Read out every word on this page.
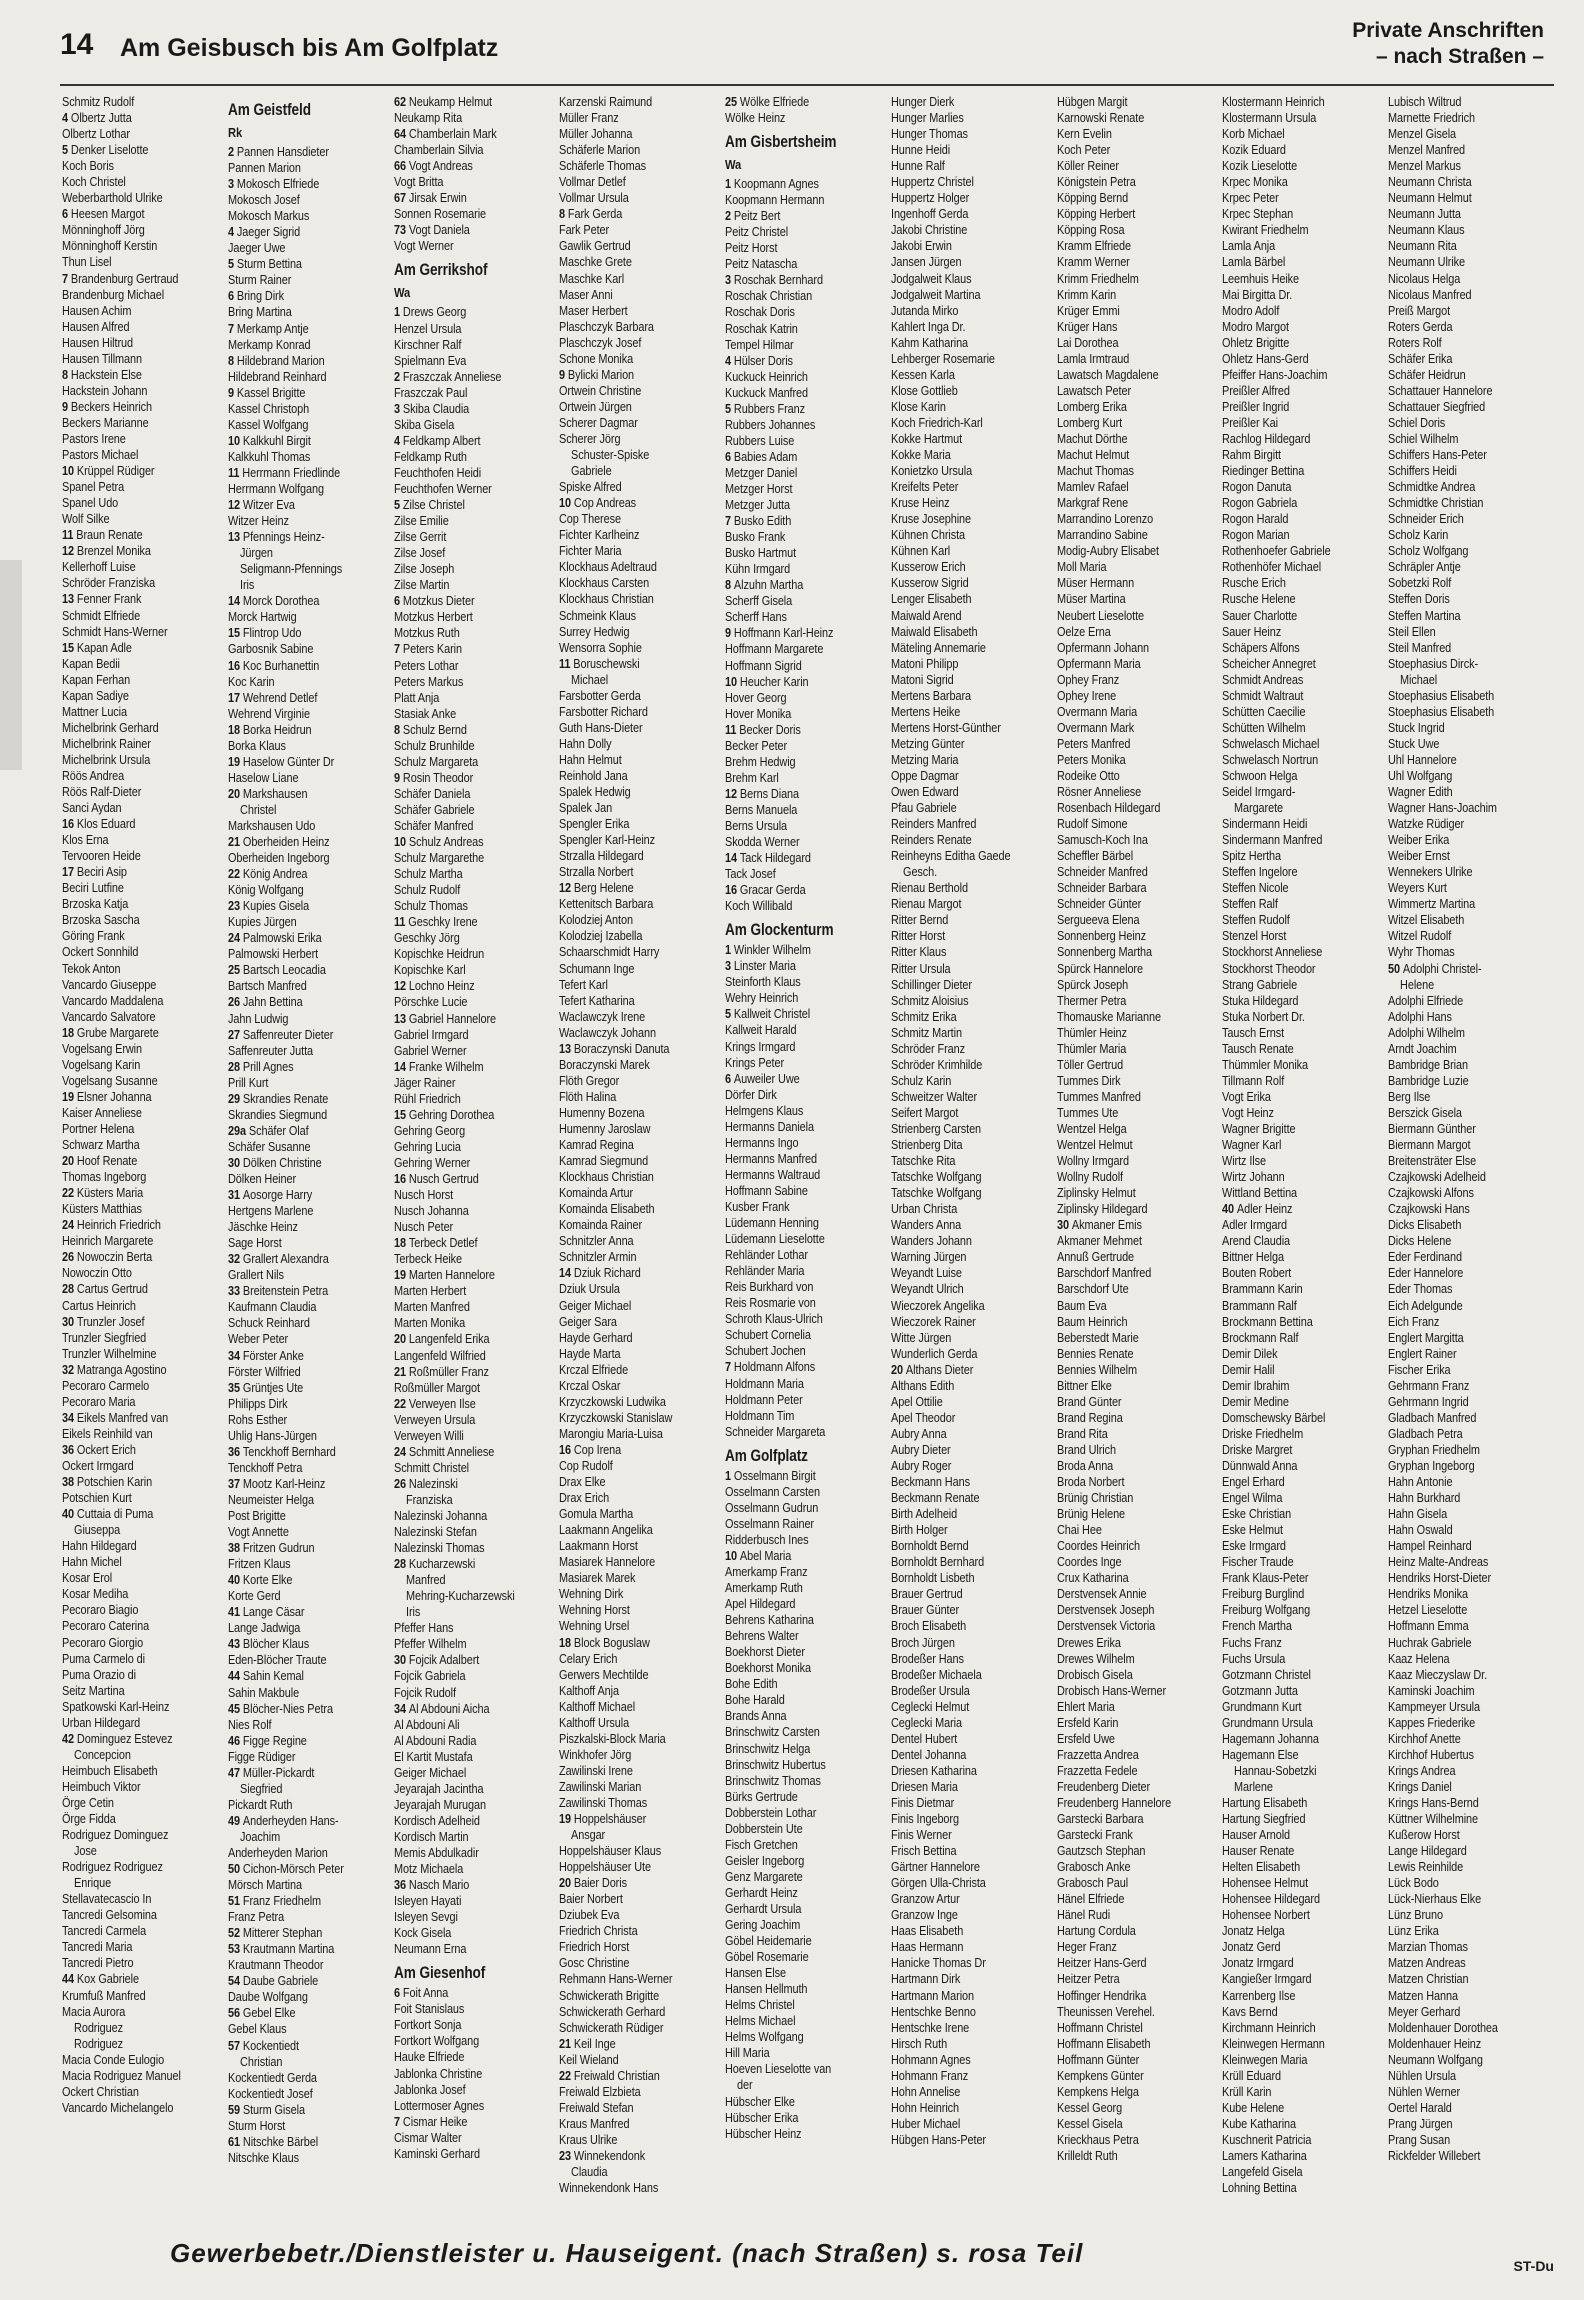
14 Am Geisbusch bis Am Golfplatz
Private Anschriften
– nach Straßen –
Schmitz Rudolf
4 Olbertz Jutta
Olbertz Lothar
5 Denker Liselotte
Koch Boris
Koch Christel
Weberbarthold Ulrike
6 Heesen Margot
Mönninghoff Jörg
Mönninghoff Kerstin
Thun Lisel
7 Brandenburg Gertraud
Brandenburg Michael
Hausen Achim
Hausen Alfred
Hausen Hiltrud
Hausen Tillmann
8 Hackstein Else
Hackstein Johann
9 Beckers Heinrich
Beckers Marianne
Pastors Irene
Pastors Michael
10 Krüppel Rüdiger
Spanel Petra
Spanel Udo
Wolf Silke
11 Braun Renate
12 Brenzel Monika
Kellerhoff Luise
Schröder Franziska
13 Fenner Frank
Schmidt Elfriede
Schmidt Hans-Werner
15 Kapan Adle
Kapan Bedii
Kapan Ferhan
Kapan Sadiye
Mattner Lucia
Michelbrink Gerhard
Michelbrink Rainer
Michelbrink Ursula
Röös Andrea
Röös Ralf-Dieter
Sanci Aydan
16 Klos Eduard
Klos Erna
Tervooren Heide
17 Beciri Asip
Beciri Lutfine
Brzoska Katja
Brzoska Sascha
Göring Frank
Ockert Sonnhild
Tekok Anton
Vancardo Giuseppe
Vancardo Maddalena
Vancardo Salvatore
18 Grube Margarete
Vogelsang Erwin
Vogelsang Karin
Vogelsang Susanne
19 Elsner Johanna
Kaiser Anneliese
Portner Helena
Schwarz Martha
20 Hoof Renate
Thomas Ingeborg
22 Küsters Maria
Küsters Matthias
24 Heinrich Friedrich
Heinrich Margarete
26 Nowoczin Berta
Nowoczin Otto
28 Cartus Gertrud
Cartus Heinrich
30 Trunzler Josef
Trunzler Siegfried
Trunzler Wilhelmine
32 Matranga Agostino
Pecoraro Carmelo
Pecoraro Maria
34 Eikels Manfred van
Eikels Reinhild van
36 Ockert Erich
Ockert Irmgard
38 Potschien Karin
Potschien Kurt
40 Cuttaia di Puma
Giuseppa
Hahn Hildegard
Hahn Michel
Kosar Erol
Kosar Mediha
Pecoraro Biagio
Pecoraro Caterina
Pecoraro Giorgio
Puma Carmelo di
Puma Orazio di
Seitz Martina
Spatkowski Karl-Heinz
Urban Hildegard
42 Dominguez Estevez
Concepcion
Heimbuch Elisabeth
Heimbuch Viktor
Örge Cetin
Örge Fidda
Rodriguez Dominguez
Jose
Rodriguez Rodriguez
Enrique
Stellavatecascio In
Tancredi Gelsomina
Tancredi Carmela
Tancredi Maria
Tancredi Pietro
44 Kox Gabriele
Krumfuß Manfred
Macia Aurora
Rodriguez
Rodriguez
Macia Conde Eulogio
Macia Rodriguez Manuel
Ockert Christian
Vancardo Michelangelo
Am Geistfeld
Rk
2 Pannen Hansdieter
Pannen Marion
3 Mokosch Elfriede
Mokosch Josef
Mokosch Markus
4 Jaeger Sigrid
Jaeger Uwe
5 Sturm Bettina
Sturm Rainer
6 Bring Dirk
Bring Martina
7 Merkamp Antje
Merkamp Konrad
8 Hildebrand Marion
Hildebrand Reinhard
9 Kassel Brigitte
Kassel Christoph
Kassel Wolfgang
10 Kalkkuhl Birgit
Kalkkuhl Thomas
11 Herrmann Friedlinde
Herrmann Wolfgang
12 Witzer Eva
Witzer Heinz
13 Pfennings Heinz-
Jürgen
Seligmann-Pfennings
Iris
14 Morck Dorothea
Morck Hartwig
15 Flintrop Udo
Garbosnik Sabine
16 Koc Burhanettin
Koc Karin
17 Wehrend Detlef
Wehrend Virginie
18 Borka Heidrun
Borka Klaus
19 Haselow Günter Dr
Haselow Liane
20 Markshausen
Christel
Markshausen Udo
21 Oberheiden Heinz
Oberheiden Ingeborg
22 König Andrea
König Wolfgang
23 Kupies Gisela
Kupies Jürgen
24 Palmowski Erika
Palmowski Herbert
25 Bartsch Leocadia
Bartsch Manfred
26 Jahn Bettina
Jahn Ludwig
27 Saffenreuter Dieter
Saffenreuter Jutta
28 Prill Agnes
Prill Kurt
29 Skrandies Renate
Skrandies Siegmund
29a Schäfer Olaf
Schäfer Susanne
30 Dölken Christine
Dölken Heiner
31 Aosorge Harry
Hertgens Marlene
Jäschke Heinz
Sage Horst
32 Grallert Alexandra
Grallert Nils
33 Breitenstein Petra
Kaufmann Claudia
Schuck Reinhard
Weber Peter
34 Förster Anke
Förster Wilfried
35 Grüntjes Ute
Philipps Dirk
Rohs Esther
Uhlig Hans-Jürgen
36 Tenckhoff Bernhard
Tenckhoff Petra
37 Mootz Karl-Heinz
Neumeister Helga
Post Brigitte
Vogt Annette
38 Fritzen Gudrun
Fritzen Klaus
40 Korte Elke
Korte Gerd
41 Lange Cäsar
Lange Jadwiga
43 Blöcher Klaus
Eden-Blöcher Traute
44 Sahin Kemal
Sahin Makbule
45 Blöcher-Nies Petra
Nies Rolf
46 Figge Regine
Figge Rüdiger
47 Müller-Pickardt
Siegfried
Pickardt Ruth
49 Anderheyden Hans-
Joachim
Anderheyden Marion
50 Cichon-Mörsch Peter
Mörsch Martina
51 Franz Friedhelm
Franz Petra
52 Mitterer Stephan
53 Krautmann Martina
Krautmann Theodor
54 Daube Gabriele
Daube Wolfgang
56 Gebel Elke
Gebel Klaus
57 Kockentiedt
Christian
Kockentiedt Gerda
Kockentiedt Josef
59 Sturm Gisela
Sturm Horst
61 Nitschke Bärbel
Nitschke Klaus
62 Neukamp Helmut
Neukamp Rita
64 Chamberlain Mark
Chamberlain Silvia
66 Vogt Andreas
Vogt Britta
67 Jirsak Erwin
Sonnen Rosemarie
73 Vogt Daniela
Vogt Werner
Am Gerrikshof
Wa
1 Drews Georg
Henzel Ursula
Kirschner Ralf
Spielmann Eva
2 Fraszczak Anneliese
Fraszczak Paul
3 Skiba Claudia
Skiba Gisela
4 Feldkamp Albert
Feldkamp Ruth
Feuchthofen Heidi
Feuchthofen Werner
5 Zilse Christel
Zilse Emilie
Zilse Gerrit
Zilse Josef
Zilse Joseph
Zilse Martin
6 Motzkus Dieter
Motzkus Herbert
Motzkus Ruth
7 Peters Karin
Peters Lothar
Peters Markus
Platt Anja
Stasiak Anke
8 Schulz Bernd
Schulz Brunhilde
Schulz Margareta
9 Rosin Theodor
Schäfer Daniela
Schäfer Gabriele
Schäfer Manfred
10 Schulz Andreas
Schulz Margarethe
Schulz Martha
Schulz Rudolf
Schulz Thomas
11 Geschky Irene
Geschky Jörg
Kopischke Heidrun
Kopischke Karl
12 Lochno Heinz
Pörschke Lucie
13 Gabriel Hannelore
Gabriel Irmgard
Gabriel Werner
14 Franke Wilhelm
Jäger Rainer
Rühl Friedrich
15 Gehring Dorothea
Gehring Georg
Gehring Lucia
Gehring Werner
16 Nusch Gertrud
Nusch Horst
Nusch Johanna
Nusch Peter
18 Terbeck Detlef
Terbeck Heike
19 Marten Hannelore
Marten Herbert
Marten Manfred
Marten Monika
20 Langenfeld Erika
Langenfeld Wilfried
21 Roßmüller Franz
Roßmüller Margot
22 Verweyen Ilse
Verweyen Ursula
Verweyen Willi
24 Schmitt Anneliese
Schmitt Christel
26 Nalezinski
Franziska
Nalezinski Johanna
Nalezinski Stefan
Nalezinski Thomas
28 Kucharzewski
Manfred
Mehring-Kucharzewski
Iris
Pfeffer Hans
Pfeffer Wilhelm
30 Fojcik Adalbert
Fojcik Gabriela
Fojcik Rudolf
34 Al Abdouni Aicha
Al Abdouni Ali
Al Abdouni Radia
El Kartit Mustafa
Geiger Michael
Jeyarajah Jacintha
Jeyarajah Murugan
Kordisch Adelheid
Kordisch Martin
Memis Abdulkadir
Motz Michaela
36 Nasch Mario
Isleyen Hayati
Isleyen Sevgi
Kock Gisela
Neumann Erna
Am Giesenhof
6 Foit Anna
Foit Stanislaus
Fortkort Sonja
Fortkort Wolfgang
Hauke Elfriede
Jablonka Christine
Jablonka Josef
Lottermoser Agnes
7 Cismar Heike
Cismar Walter
Kaminski Gerhard
Karzenski Raimund
Müller Franz
Müller Johanna
Schäferle Marion
Schäferle Thomas
Vollmar Detlef
Vollmar Ursula
8 Fark Gerda
Fark Peter
Gawlik Gertrud
Maschke Grete
Maschke Karl
Maser Anni
Maser Herbert
Plaschczyk Barbara
Plaschczyk Josef
Schone Monika
9 Bylicki Marion
Ortwein Christine
Ortwein Jürgen
Scherer Dagmar
Scherer Jörg
Schuster-Spiske
Gabriele
Spiske Alfred
10 Cop Andreas
Cop Therese
Fichter Karlheinz
Fichter Maria
Klockhaus Adeltraud
Klockhaus Carsten
Klockhaus Christian
Schmeink Klaus
Surrey Hedwig
Wensorra Sophie
11 Boruschewski
Michael
Farsbotter Gerda
Farsbotter Richard
Guth Hans-Dieter
Hahn Dolly
Hahn Helmut
Reinhold Jana
Spalek Hedwig
Spalek Jan
Spengler Erika
Spengler Karl-Heinz
Strzalla Hildegard
Strzalla Norbert
12 Berg Helene
Kettenitsch Barbara
Kolodziej Anton
Kolodziej Izabella
Schaarschmidt Harry
Schumann Inge
Tefert Karl
Tefert Katharina
Waclawczyk Irene
Waclawczyk Johann
13 Boraczynski Danuta
Boraczynski Marek
Flöth Gregor
Flöth Halina
Humenny Bozena
Humenny Jaroslaw
Kamrad Regina
Kamrad Siegmund
Klockhaus Christian
Komainda Artur
Komainda Elisabeth
Komainda Rainer
Schnitzler Anna
Schnitzler Armin
14 Dziuk Richard
Dziuk Ursula
Geiger Michael
Geiger Sara
Hayde Gerhard
Hayde Marta
Krczal Elfriede
Krczal Oskar
Krzyczkowski Ludwika
Krzyczkowski Stanislaw
Marongiu Maria-Luisa
16 Cop Irena
Cop Rudolf
Drax Elke
Drax Erich
Gomula Martha
Laakmann Angelika
Laakmann Horst
Masiarek Hannelore
Masiarek Marek
Wehning Dirk
Wehning Horst
Wehning Ursel
18 Block Boguslaw
Celary Erich
Gerwers Mechtilde
Kalthoff Anja
Kalthoff Michael
Kalthoff Ursula
Piszkalski-Block Maria
Winkhofer Jörg
Zawilinski Irene
Zawilinski Marian
Zawilinski Thomas
19 Hoppelshäuser
Ansgar
Hoppelshäuser Klaus
Hoppelshäuser Ute
20 Baier Doris
Baier Norbert
Dziubek Eva
Friedrich Christa
Friedrich Horst
Gosc Christine
Rehmann Hans-Werner
Schwickerath Brigitte
Schwickerath Gerhard
Schwickerath Rüdiger
21 Keil Inge
Keil Wieland
22 Freiwald Christian
Freiwald Elzbieta
Freiwald Stefan
Kraus Manfred
Kraus Ulrike
23 Winnekendonk
Claudia
Winnekendonk Hans
25 Wölke Elfriede
Wölke Heinz
Am Gisbertsheim
Wa
1 Koopmann Agnes
Koopmann Hermann
2 Peitz Bert
Peitz Christel
Peitz Horst
Peitz Natascha
3 Roschak Bernhard
Roschak Christian
Roschak Doris
Roschak Katrin
Tempel Hilmar
4 Hülser Doris
Kuckuck Heinrich
Kuckuck Manfred
5 Rubbers Franz
Rubbers Johannes
Rubbers Luise
6 Babies Adam
Metzger Daniel
Metzger Horst
Metzger Jutta
7 Busko Edith
Busko Frank
Busko Hartmut
Kühn Irmgard
8 Alzuhn Martha
Scherff Gisela
Scherff Hans
9 Hoffmann Karl-Heinz
Hoffmann Margarete
Hoffmann Sigrid
10 Heucher Karin
Hover Georg
Hover Monika
11 Becker Doris
Becker Peter
Brehm Hedwig
Brehm Karl
12 Berns Diana
Berns Manuela
Berns Ursula
Skodda Werner
14 Tack Hildegard
Tack Josef
16 Gracar Gerda
Koch Willibald
Am Glockenturm
1 Winkler Wilhelm
3 Linster Maria
Steinforth Klaus
Wehry Heinrich
5 Kallweit Christel
Kallweit Harald
Krings Irmgard
Krings Peter
6 Auweiler Uwe
Dörfer Dirk
Helmgens Klaus
Hermanns Daniela
Hermanns Ingo
Hermanns Manfred
Hermanns Waltraud
Hoffmann Sabine
Kusber Frank
Lüdemann Henning
Lüdemann Lieselotte
Rehländer Lothar
Rehländer Maria
Reis Burkhard von
Reis Rosmarie von
Schroth Klaus-Ulrich
Schubert Cornelia
Schubert Jochen
7 Holdmann Alfons
Holdmann Maria
Holdmann Peter
Holdmann Tim
Schneider Margareta
Am Golfplatz
1 Osselmann Birgit
Osselmann Carsten
Osselmann Gudrun
Osselmann Rainer
Ridderbusch Ines
10 Abel Maria
Amerkamp Franz
Amerkamp Ruth
Apel Hildegard
Behrens Katharina
Behrens Walter
Boekhorst Dieter
Boekhorst Monika
Bohe Edith
Bohe Harald
Brands Anna
Brinschwitz Carsten
Brinschwitz Helga
Brinschwitz Hubertus
Brinschwitz Thomas
Bürks Gertrude
Dobberstein Lothar
Dobberstein Ute
Fisch Gretchen
Geisler Ingeborg
Genz Margarete
Gerhardt Heinz
Gerhardt Ursula
Gering Joachim
Göbel Heidemarie
Göbel Rosemarie
Hansen Else
Hansen Hellmuth
Helms Christel
Helms Michael
Helms Wolfgang
Hill Maria
Hoeven Lieselotte van
der
Hübscher Elke
Hübscher Erika
Hübscher Heinz
Hunger Dierk
Hunger Marlies
Hunger Thomas
Hunne Heidi
Hunne Ralf
Huppertz Christel
Huppertz Holger
Ingenhoff Gerda
Jakobi Christine
Jakobi Erwin
Jansen Jürgen
Jodgalweit Klaus
Jodgalweit Martina
Jutanda Mirko
Kahlert Inga Dr.
Kahm Katharina
Lehberger Rosemarie
Kessen Karla
Klose Gottlieb
Klose Karin
Koch Friedrich-Karl
Kokke Hartmut
Kokke Maria
Konietzko Ursula
Kreifelts Peter
Kruse Heinz
Kruse Josephine
Kühnen Christa
Kühnen Karl
Kusserow Erich
Kusserow Sigrid
Lenger Elisabeth
Maiwald Arend
Maiwald Elisabeth
Mäteling Annemarie
Matoni Philipp
Matoni Sigrid
Mertens Barbara
Mertens Heike
Mertens Horst-Günther
Metzing Günter
Metzing Maria
Oppe Dagmar
Owen Edward
Pfau Gabriele
Reinders Manfred
Reinders Renate
Reinheyns Editha Gaede
Gesch.
Rienau Berthold
Rienau Margot
Ritter Bernd
Ritter Horst
Ritter Klaus
Ritter Ursula
Schillinger Dieter
Schmitz Aloisius
Schmitz Erika
Schmitz Martin
Schröder Franz
Schröder Krimhilde
Schulz Karin
Schweitzer Walter
Seifert Margot
Strienberg Carsten
Strienberg Dita
Tatschke Rita
Tatschke Wolfgang
Tatschke Wolfgang
Urban Christa
Wanders Anna
Wanders Johann
Warning Jürgen
Weyandt Luise
Weyandt Ulrich
Wieczorek Angelika
Wieczorek Rainer
Witte Jürgen
Wunderlich Gerda
20 Althans Dieter
Althans Edith
Apel Ottilie
Apel Theodor
Aubry Anna
Aubry Dieter
Aubry Roger
Beckmann Hans
Beckmann Renate
Birth Adelheid
Birth Holger
Bornholdt Bernd
Bornholdt Bernhard
Bornholdt Lisbeth
Brauer Gertrud
Brauer Günter
Broch Elisabeth
Broch Jürgen
Brodeßer Hans
Brodeßer Michaela
Brodeßer Ursula
Ceglecki Helmut
Ceglecki Maria
Dentel Hubert
Dentel Johanna
Driesen Katharina
Driesen Maria
Finis Dietmar
Finis Ingeborg
Finis Werner
Frisch Bettina
Gärtner Hannelore
Görgen Ulla-Christa
Granzow Artur
Granzow Inge
Haas Elisabeth
Haas Hermann
Hanicke Thomas Dr
Hartmann Dirk
Hartmann Marion
Hentschke Benno
Hentschke Irene
Hirsch Ruth
Hohmann Agnes
Hohmann Franz
Hohn Annelise
Hohn Heinrich
Huber Michael
Hübgen Hans-Peter
Hübgen Margit
Karnowski Renate
Kern Evelin
Koch Peter
Köller Reiner
Königstein Petra
Köpping Bernd
Köpping Herbert
Köpping Rosa
Kramm Elfriede
Kramm Werner
Krimm Friedhelm
Krimm Karin
Krüger Emmi
Krüger Hans
Lai Dorothea
Lamla Irmtraud
Lawatsch Magdalene
Lawatsch Peter
Lomberg Erika
Lomberg Kurt
Machut Dörthe
Machut Helmut
Machut Thomas
Mamlev Rafael
Markgraf Rene
Marrandino Lorenzo
Marrandino Sabine
Modig-Aubry Elisabet
Moll Maria
Müser Hermann
Müser Martina
Neubert Lieselotte
Oelze Erna
Opfermann Johann
Opfermann Maria
Ophey Franz
Ophey Irene
Overmann Maria
Overmann Mark
Peters Manfred
Peters Monika
Rodeike Otto
Rösner Anneliese
Rosenbach Hildegard
Rudolf Simone
Samusch-Koch Ina
Scheffler Bärbel
Schneider Manfred
Schneider Barbara
Schneider Günter
Sergueeva Elena
Sonnenberg Heinz
Sonnenberg Martha
Spürck Hannelore
Spürck Joseph
Thermer Petra
Thomauske Marianne
Thümler Heinz
Thümler Maria
Töller Gertrud
Tummes Dirk
Tummes Manfred
Tummes Ute
Wentzel Helga
Wentzel Helmut
Wollny Irmgard
Wollny Rudolf
Ziplinsky Helmut
Ziplinsky Hildegard
30 Akmaner Emis
Akmaner Mehmet
Annuß Gertrude
Barschdorf Manfred
Barschdorf Ute
Baum Eva
Baum Heinrich
Beberstedt Marie
Bennies Renate
Bennies Wilhelm
Bittner Elke
Brand Günter
Brand Regina
Brand Rita
Brand Ulrich
Broda Anna
Broda Norbert
Brünig Christian
Brünig Helene
Chai Hee
Coordes Heinrich
Coordes Inge
Crux Katharina
Derstvensek Annie
Derstvensek Joseph
Derstvensek Victoria
Drewes Erika
Drewes Wilhelm
Drobisch Gisela
Drobisch Hans-Werner
Ehlert Maria
Ersfeld Karin
Ersfeld Uwe
Frazzetta Andrea
Frazzetta Fedele
Freudenberg Dieter
Freudenberg Hannelore
Garstecki Barbara
Garstecki Frank
Gautzsch Stephan
Grabosch Anke
Grabosch Paul
Hänel Elfriede
Hänel Rudi
Hartung Cordula
Heger Franz
Heitzer Hans-Gerd
Heitzer Petra
Hoffinger Hendrika
Theunissen Verehel.
Hoffmann Christel
Hoffmann Elisabeth
Hoffmann Günter
Kempkens Günter
Kempkens Helga
Kessel Georg
Kessel Gisela
Krieckhaus Petra
Krilleldt Ruth
Klostermann Heinrich
Klostermann Ursula
Korb Michael
Kozik Eduard
Kozik Lieselotte
Krpec Monika
Krpec Peter
Krpec Stephan
Kwirant Friedhelm
Lamla Anja
Lamla Bärbel
Leemhuis Heike
Mai Birgitta Dr.
Modro Adolf
Modro Margot
Ohletz Brigitte
Ohletz Hans-Gerd
Pfeiffer Hans-Joachim
Preißler Alfred
Preißler Ingrid
Preißler Kai
Rachlog Hildegard
Rahm Birgitt
Riedinger Bettina
Rogon Danuta
Rogon Gabriela
Rogon Harald
Rogon Marian
Rothenhoefer Gabriele
Rothenhöfer Michael
Rusche Erich
Rusche Helene
Sauer Charlotte
Sauer Heinz
Schäpers Alfons
Scheicher Annegret
Schmidt Andreas
Schmidt Waltraut
Schütten Caecilie
Schütten Wilhelm
Schwelasch Michael
Schwelasch Nortrun
Schwoon Helga
Seidel Irmgard-
Margarete
Sindermann Heidi
Sindermann Manfred
Spitz Hertha
Steffen Ingelore
Steffen Nicole
Steffen Ralf
Steffen Rudolf
Stenzel Horst
Stockhorst Anneliese
Stockhorst Theodor
Strang Gabriele
Stuka Hildegard
Stuka Norbert Dr.
Tausch Ernst
Tausch Renate
Thümmler Monika
Tillmann Rolf
Vogt Erika
Vogt Heinz
Wagner Brigitte
Wagner Karl
Wirtz Ilse
Wirtz Johann
Wittland Bettina
40 Adler Heinz
Adler Irmgard
Arend Claudia
Bittner Helga
Bouten Robert
Brammann Karin
Brammann Ralf
Brockmann Bettina
Brockmann Ralf
Demir Dilek
Demir Halil
Demir Ibrahim
Demir Medine
Domschewsky Bärbel
Driske Friedhelm
Driske Margret
Dünnwald Anna
Engel Erhard
Engel Wilma
Eske Christian
Eske Helmut
Eske Irmgard
Fischer Traude
Frank Klaus-Peter
Freiburg Burglind
Freiburg Wolfgang
French Martha
Fuchs Franz
Fuchs Ursula
Gotzmann Christel
Gotzmann Jutta
Grundmann Kurt
Grundmann Ursula
Hagemann Johanna
Hagemann Else
Hannau-Sobetzki
Marlene
Hartung Elisabeth
Hartung Siegfried
Hauser Arnold
Hauser Renate
Helten Elisabeth
Hohensee Helmut
Hohensee Hildegard
Hohensee Norbert
Jonatz Helga
Jonatz Gerd
Jonatz Irmgard
Kangießer Irmgard
Karrenberg Ilse
Kavs Bernd
Kirchmann Heinrich
Kleinwegen Hermann
Kleinwegen Maria
Krüll Eduard
Krüll Karin
Kube Helene
Kube Katharina
Kuschnerit Patricia
Lamers Katharina
Langefeld Gisela
Lohning Bettina
Lubisch Wiltrud
Marnette Friedrich
Menzel Gisela
Menzel Manfred
Menzel Markus
Neumann Christa
Neumann Helmut
Neumann Jutta
Neumann Klaus
Neumann Rita
Neumann Ulrike
Nicolaus Helga
Nicolaus Manfred
Preiß Margot
Roters Gerda
Roters Rolf
Schäfer Erika
Schäfer Heidrun
Schattauer Hannelore
Schattauer Siegfried
Schiel Doris
Schiel Wilhelm
Schiffers Hans-Peter
Schiffers Heidi
Schmidtke Andrea
Schmidtke Christian
Schneider Erich
Scholz Karin
Scholz Wolfgang
Schräpler Antje
Sobetzki Rolf
Steffen Doris
Steffen Martina
Steil Ellen
Steil Manfred
Stoephasius Dirck-
Michael
Stoephasius Elisabeth
Stoephasius Elisabeth
Stuck Ingrid
Stuck Uwe
Uhl Hannelore
Uhl Wolfgang
Wagner Edith
Wagner Hans-Joachim
Watzke Rüdiger
Weiber Erika
Weiber Ernst
Wennekers Ulrike
Weyers Kurt
Wimmertz Martina
Witzel Elisabeth
Witzel Rudolf
Wyhr Thomas
50 Adolphi Christel-
Helene
Adolphi Elfriede
Adolphi Hans
Adolphi Wilhelm
Arndt Joachim
Bambridge Brian
Bambridge Luzie
Berg Ilse
Berszick Gisela
Biermann Günther
Biermann Margot
Breitensträter Else
Czajkowski Adelheid
Czajkowski Alfons
Czajkowski Hans
Dicks Elisabeth
Dicks Helene
Eder Ferdinand
Eder Hannelore
Eder Thomas
Eich Adelgunde
Eich Franz
Englert Margitta
Englert Rainer
Fischer Erika
Gehrmann Franz
Gehrmann Ingrid
Gladbach Manfred
Gladbach Petra
Gryphan Friedhelm
Gryphan Ingeborg
Hahn Antonie
Hahn Burkhard
Hahn Gisela
Hahn Oswald
Hampel Reinhard
Heinz Malte-Andreas
Hendriks Horst-Dieter
Hendriks Monika
Hetzel Lieselotte
Hoffmann Emma
Huchrak Gabriele
Kaaz Helena
Kaaz Mieczyslaw Dr.
Kaminski Joachim
Kampmeyer Ursula
Kappes Friederike
Kirchhof Anette
Kirchhof Hubertus
Krings Andrea
Krings Daniel
Krings Hans-Bernd
Küttner Wilhelmine
Kußerow Horst
Lange Hildegard
Lewis Reinhilde
Lück Bodo
Lück-Nierhaus Elke
Lünz Bruno
Lünz Erika
Marzian Thomas
Matzen Andreas
Matzen Christian
Matzen Hanna
Meyer Gerhard
Moldenhauer Dorothea
Moldenhauer Heinz
Neumann Wolfgang
Nühlen Ursula
Nühlen Werner
Oertel Harald
Prang Jürgen
Prang Susan
Rickfelder Willebert
Gewerbebetr./Dienstleister u. Hauseigent. (nach Straßen) s. rosa Teil	ST-Du
